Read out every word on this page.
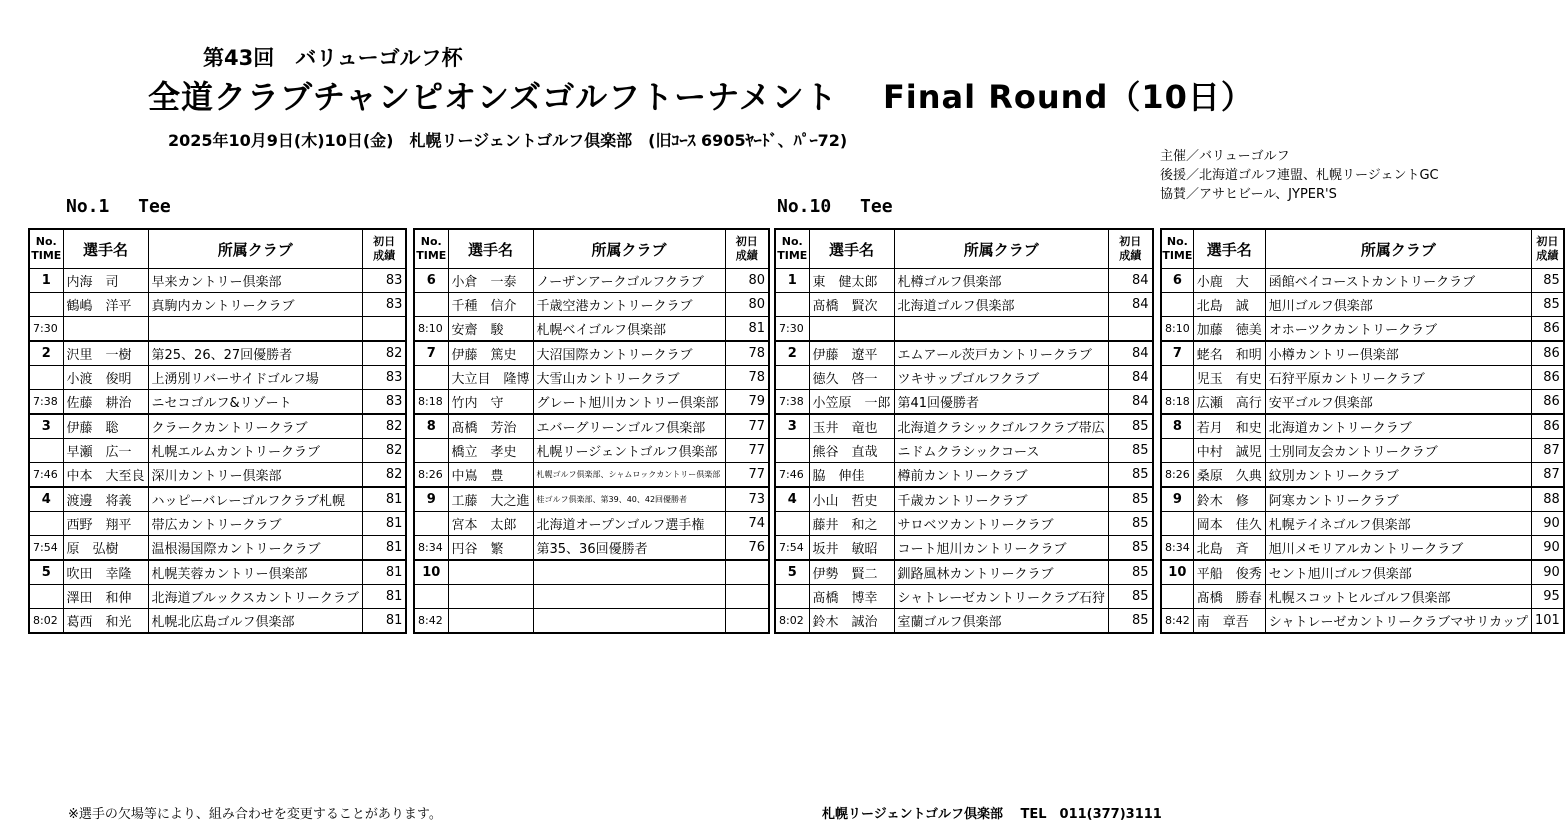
第43回　バリューゴルフ杯
全道クラブチャンピオンズゴルフトーナメント　 Final Round（10日）
2025年10月9日(木)10日(金)　札幌リージェントゴルフ倶楽部　(旧ｺｰｽ 6905ﾔｰﾄﾞ、ﾊﾟｰ72)
主催／バリューゴルフ
後援／北海道ゴルフ連盟、札幌リージェントGC
協賛／アサヒビール、JYPER'S
No.1　 Tee	No.10　 Tee
No.
TIME	選手名	所属クラブ	初日
成績
1	内海　司	早来カントリー倶楽部	83
	鶴嶋　洋平	真駒内カントリークラブ	83
7:30			
2	沢里　一樹	第25、26、27回優勝者	82
	小渡　俊明	上湧別リバーサイドゴルフ場	83
7:38	佐藤　耕治	ニセコゴルフ&リゾート	83
3	伊藤　聡	クラークカントリークラブ	82
	早瀬　広一	札幌エルムカントリークラブ	82
7:46	中本　大至良	深川カントリー倶楽部	82
4	渡邊　将義	ハッピーバレーゴルフクラブ札幌	81
	西野　翔平	帯広カントリークラブ	81
7:54	原　弘樹	温根湯国際カントリークラブ	81
5	吹田　幸隆	札幌芙蓉カントリー倶楽部	81
	澤田　和伸	北海道ブルックスカントリークラブ	81
8:02	葛西　和光	札幌北広島ゴルフ倶楽部	81
No.
TIME	選手名	所属クラブ	初日
成績
6	小倉　一泰	ノーザンアークゴルフクラブ	80
	千種　信介	千歳空港カントリークラブ	80
8:10	安齋　駿	札幌ベイゴルフ倶楽部	81
7	伊藤　篤史	大沼国際カントリークラブ	78
	大立目　隆博	大雪山カントリークラブ	78
8:18	竹内　守	グレート旭川カントリー倶楽部	79
8	髙橋　芳治	エバーグリーンゴルフ倶楽部	77
	橋立　孝史	札幌リージェントゴルフ倶楽部	77
8:26	中嶌　豊	札幌ゴルフ倶楽部、シャムロックカントリー倶楽部	77
9	工藤　大之進	桂ゴルフ倶楽部、第39、40、42回優勝者	73
	宮本　太郎	北海道オープンゴルフ選手権	74
8:34	円谷　繁	第35、36回優勝者	76
10			

8:42			
No.
TIME	選手名	所属クラブ	初日
成績
1	東　健太郎	札樽ゴルフ倶楽部	84
	髙橋　賢次	北海道ゴルフ倶楽部	84
7:30			
2	伊藤　遼平	エムアール茨戸カントリークラブ	84
	徳久　啓一	ツキサップゴルフクラブ	84
7:38	小笠原　一郎	第41回優勝者	84
3	玉井　竜也	北海道クラシックゴルフクラブ帯広	85
	熊谷　直哉	ニドムクラシックコース	85
7:46	脇　伸佳	樽前カントリークラブ	85
4	小山　哲史	千歳カントリークラブ	85
	藤井　和之	サロベツカントリークラブ	85
7:54	坂井　敏昭	コート旭川カントリークラブ	85
5	伊勢　賢二	釧路風林カントリークラブ	85
	髙橋　博幸	シャトレーゼカントリークラブ石狩	85
8:02	鈴木　誠治	室蘭ゴルフ倶楽部	85
No.
TIME	選手名	所属クラブ	初日
成績
6	小鹿　大	函館ベイコーストカントリークラブ	85
	北島　誠	旭川ゴルフ倶楽部	85
8:10	加藤　徳美	オホーツクカントリークラブ	86
7	蛯名　和明	小樽カントリー倶楽部	86
	児玉　有史	石狩平原カントリークラブ	86
8:18	広瀬　高行	安平ゴルフ倶楽部	86
8	若月　和史	北海道カントリークラブ	86
	中村　誠児	士別同友会カントリークラブ	87
8:26	桑原　久典	紋別カントリークラブ	87
9	鈴木　修	阿寒カントリークラブ	88
	岡本　佳久	札幌テイネゴルフ倶楽部	90
8:34	北島　斉	旭川メモリアルカントリークラブ	90
10	平船　俊秀	セント旭川ゴルフ倶楽部	90
	髙橋　勝春	札幌スコットヒルゴルフ倶楽部	95
8:42	南　章吾	シャトレーゼカントリークラブマサリカップ	101
※選手の欠場等により、組み合わせを変更することがあります。	札幌リージェントゴルフ倶楽部　 TEL　011(377)3111
